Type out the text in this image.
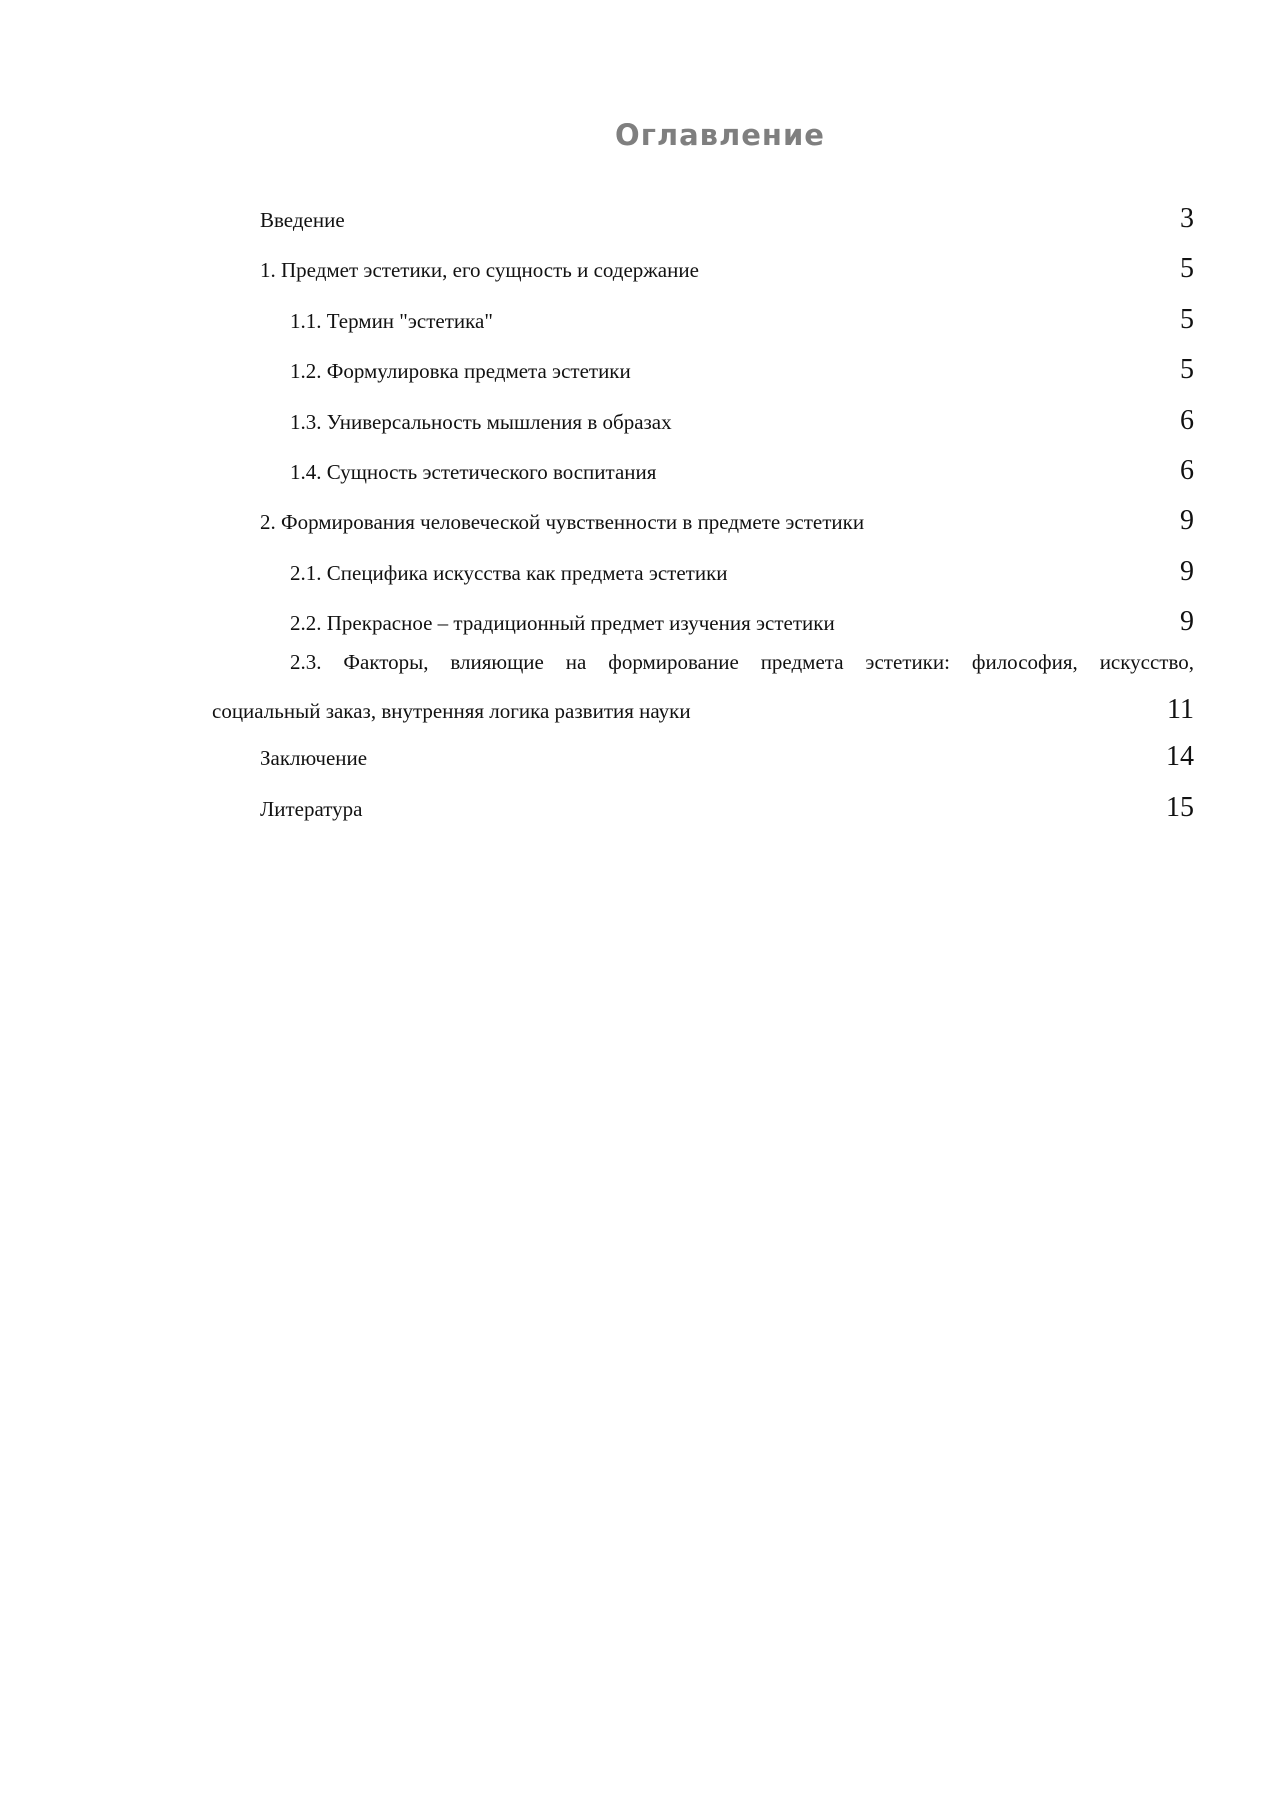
Оглавление
Введение	3
1. Предмет эстетики, его сущность и содержание	5
1.1. Термин "эстетика"	5
1.2. Формулировка предмета эстетики	5
1.3. Универсальность мышления в образах	6
1.4. Сущность эстетического воспитания	6
2. Формирования человеческой чувственности в предмете эстетики	9
2.1. Специфика искусства как предмета эстетики	9
2.2. Прекрасное – традиционный предмет изучения эстетики	9
2.3. Факторы, влияющие на формирование предмета эстетики: философия, искусство,
социальный заказ, внутренняя логика развития науки	11
Заключение	14
Литература	15
